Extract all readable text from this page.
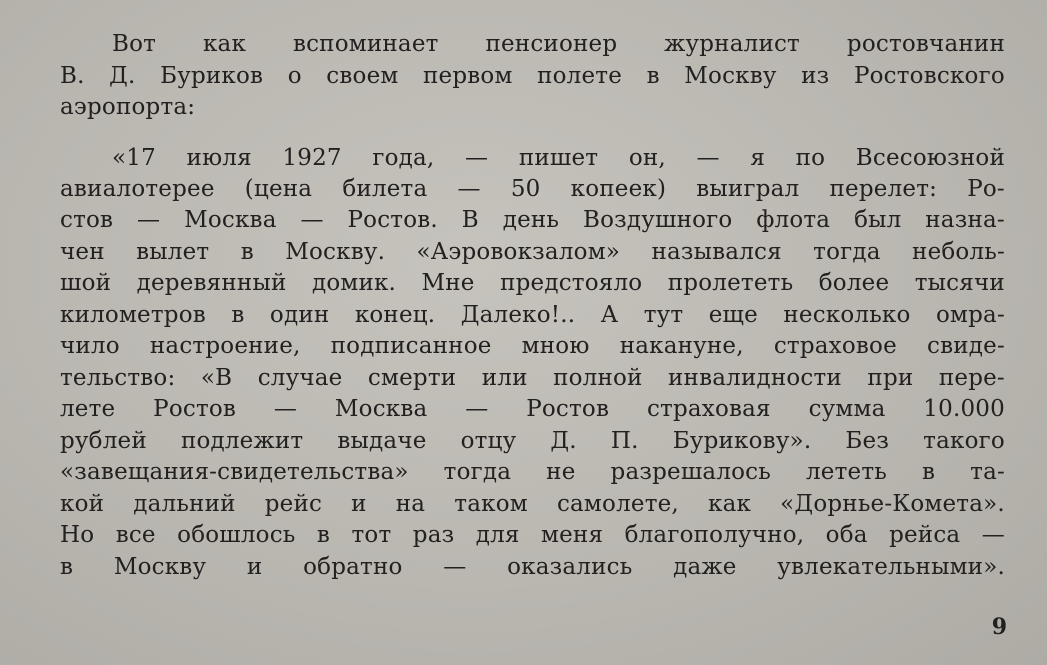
Вот как вспоминает пенсионер журналист ростовчанин
В. Д. Буриков о своем первом полете в Москву из Ростовского
аэропорта:
«17 июля 1927 года, — пишет он, — я по Всесоюзной
авиалотерее (цена билета — 50 копеек) выиграл перелет: Ро-
стов — Москва — Ростов. В день Воздушного флота был назна-
чен вылет в Москву. «Аэровокзалом» назывался тогда неболь-
шой деревянный домик. Мне предстояло пролететь более тысячи
километров в один конец. Далеко!.. А тут еще несколько омра-
чило настроение, подписанное мною накануне, страховое свиде-
тельство: «В случае смерти или полной инвалидности при пере-
лете Ростов — Москва — Ростов страховая сумма 10.000
рублей подлежит выдаче отцу Д. П. Бурикову». Без такого
«завещания-свидетельства» тогда не разрешалось лететь в та-
кой дальний рейс и на таком самолете, как «Дорнье-Комета».
Но все обошлось в тот раз для меня благополучно, оба рейса —
в Москву и обратно — оказались даже увлекательными».
9
